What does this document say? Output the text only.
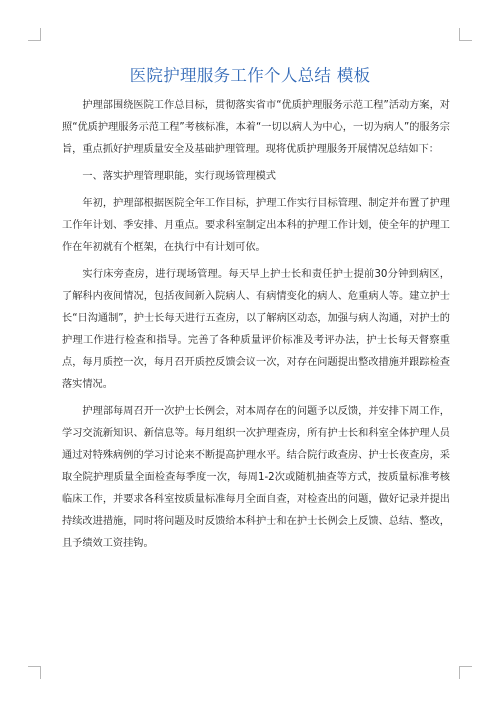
医院护理服务工作个人总结 模板

护理部围绕医院工作总目标，贯彻落实省市“优质护理服务示范工程”活动方案，对照“优质护理服务示范工程”考核标准，本着“一切以病人为中心，一切为病人”的服务宗旨，重点抓好护理质量安全及基础护理管理。现将优质护理服务开展情况总结如下：

一、落实护理管理职能，实行现场管理模式

年初，护理部根据医院全年工作目标，护理工作实行目标管理、制定并布置了护理工作年计划、季安排、月重点。要求科室制定出本科的护理工作计划，使全年的护理工作在年初就有个框架，在执行中有计划可依。

实行床旁查房，进行现场管理。每天早上护士长和责任护士提前30分钟到病区，了解科内夜间情况，包括夜间新入院病人、有病情变化的病人、危重病人等。建立护士长“日沟通制”，护士长每天进行五查房，以了解病区动态，加强与病人沟通，对护士的护理工作进行检查和指导。完善了各种质量评价标准及考评办法，护士长每天督察重点，每月质控一次，每月召开质控反馈会议一次，对存在问题提出整改措施并跟踪检查落实情况。

护理部每周召开一次护士长例会，对本周存在的问题予以反馈，并安排下周工作，学习交流新知识、新信息等。每月组织一次护理查房，所有护士长和科室全体护理人员通过对特殊病例的学习讨论来不断提高护理水平。结合院行政查房、护士长夜查房，采取全院护理质量全面检查每季度一次，每周1-2次或随机抽查等方式，按质量标准考核临床工作，并要求各科室按质量标准每月全面自查，对检查出的问题，做好记录并提出持续改进措施，同时将问题及时反馈给本科护士和在护士长例会上反馈、总结、整改，且予绩效工资挂钩。
